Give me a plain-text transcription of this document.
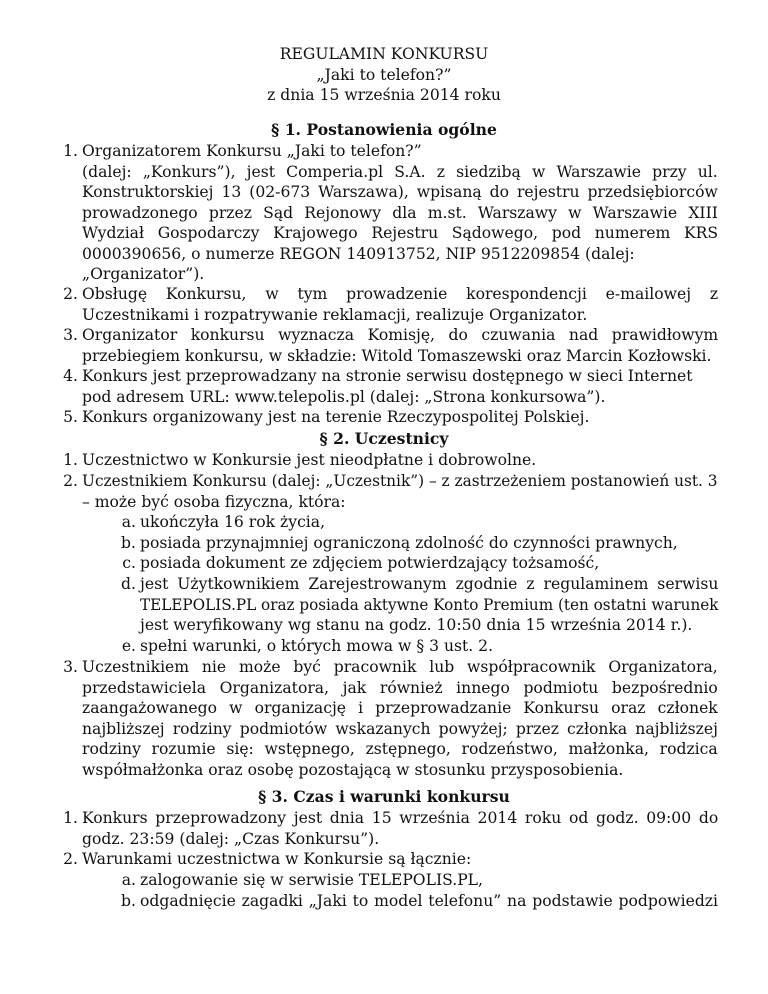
REGULAMIN KONKURSU
„Jaki to telefon?”
z dnia 15 września 2014 roku
§ 1. Postanowienia ogólne
1. Organizatorem Konkursu „Jaki to telefon?”
(dalej: „Konkurs”), jest Comperia.pl S.A. z siedzibą w Warszawie przy ul.
Konstruktorskiej 13 (02-673 Warszawa), wpisaną do rejestru przedsiębiorców
prowadzonego przez Sąd Rejonowy dla m.st. Warszawy w Warszawie XIII
Wydział Gospodarczy Krajowego Rejestru Sądowego, pod numerem KRS
0000390656, o numerze REGON 140913752, NIP 9512209854 (dalej:
„Organizator”).
2. Obsługę Konkursu, w tym prowadzenie korespondencji e-mailowej z
Uczestnikami i rozpatrywanie reklamacji, realizuje Organizator.
3. Organizator konkursu wyznacza Komisję, do czuwania nad prawidłowym
przebiegiem konkursu, w składzie: Witold Tomaszewski oraz Marcin Kozłowski.
4. Konkurs jest przeprowadzany na stronie serwisu dostępnego w sieci Internet
pod adresem URL: www.telepolis.pl (dalej: „Strona konkursowa”).
5. Konkurs organizowany jest na terenie Rzeczypospolitej Polskiej.
§ 2. Uczestnicy
1. Uczestnictwo w Konkursie jest nieodpłatne i dobrowolne.
2. Uczestnikiem Konkursu (dalej: „Uczestnik”) – z zastrzeżeniem postanowień ust. 3
– może być osoba fizyczna, która:
a. ukończyła 16 rok życia,
b. posiada przynajmniej ograniczoną zdolność do czynności prawnych,
c. posiada dokument ze zdjęciem potwierdzający tożsamość,
d. jest Użytkownikiem Zarejestrowanym zgodnie z regulaminem serwisu
TELEPOLIS.PL oraz posiada aktywne Konto Premium (ten ostatni warunek
jest weryfikowany wg stanu na godz. 10:50 dnia 15 września 2014 r.).
e. spełni warunki, o których mowa w § 3 ust. 2.
3. Uczestnikiem nie może być pracownik lub współpracownik Organizatora,
przedstawiciela Organizatora, jak również innego podmiotu bezpośrednio
zaangażowanego w organizację i przeprowadzanie Konkursu oraz członek
najbliższej rodziny podmiotów wskazanych powyżej; przez członka najbliższej
rodziny rozumie się: wstępnego, zstępnego, rodzeństwo, małżonka, rodzica
współmałżonka oraz osobę pozostającą w stosunku przysposobienia.
§ 3. Czas i warunki konkursu
1. Konkurs przeprowadzony jest dnia 15 września 2014 roku od godz. 09:00 do
godz. 23:59 (dalej: „Czas Konkursu”).
2. Warunkami uczestnictwa w Konkursie są łącznie:
a. zalogowanie się w serwisie TELEPOLIS.PL,
b. odgadnięcie zagadki „Jaki to model telefonu” na podstawie podpowiedzi
